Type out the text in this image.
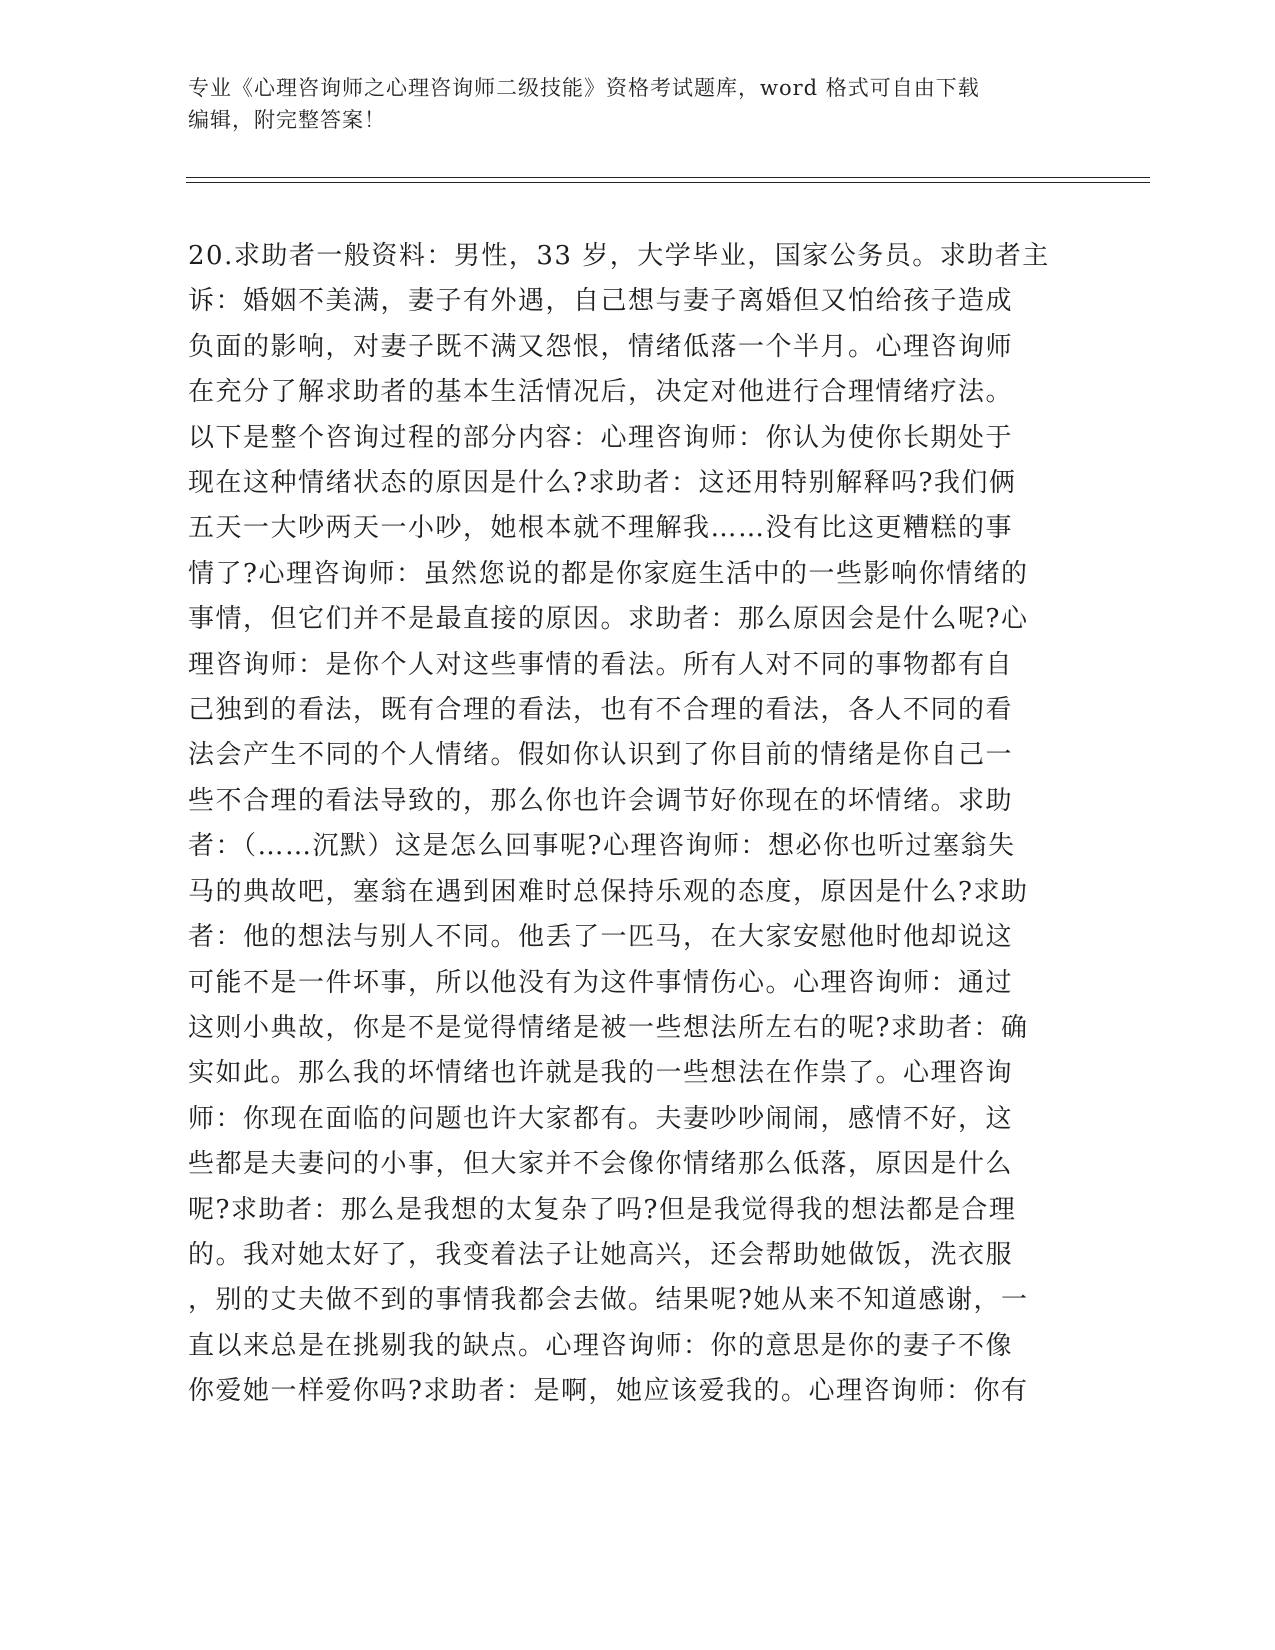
专业《心理咨询师之心理咨询师二级技能》资格考试题库，word 格式可自由下载
编辑，附完整答案！
20.求助者一般资料：男性，33 岁，大学毕业，国家公务员。求助者主
诉：婚姻不美满，妻子有外遇，自己想与妻子离婚但又怕给孩子造成
负面的影响，对妻子既不满又怨恨，情绪低落一个半月。心理咨询师
在充分了解求助者的基本生活情况后，决定对他进行合理情绪疗法。
以下是整个咨询过程的部分内容：心理咨询师：你认为使你长期处于
现在这种情绪状态的原因是什么?求助者：这还用特别解释吗?我们俩
五天一大吵两天一小吵，她根本就不理解我……没有比这更糟糕的事
情了?心理咨询师：虽然您说的都是你家庭生活中的一些影响你情绪的
事情，但它们并不是最直接的原因。求助者：那么原因会是什么呢?心
理咨询师：是你个人对这些事情的看法。所有人对不同的事物都有自
己独到的看法，既有合理的看法，也有不合理的看法，各人不同的看
法会产生不同的个人情绪。假如你认识到了你目前的情绪是你自己一
些不合理的看法导致的，那么你也许会调节好你现在的坏情绪。求助
者：（……沉默）这是怎么回事呢?心理咨询师：想必你也听过塞翁失
马的典故吧，塞翁在遇到困难时总保持乐观的态度，原因是什么?求助
者：他的想法与别人不同。他丢了一匹马，在大家安慰他时他却说这
可能不是一件坏事，所以他没有为这件事情伤心。心理咨询师：通过
这则小典故，你是不是觉得情绪是被一些想法所左右的呢?求助者：确
实如此。那么我的坏情绪也许就是我的一些想法在作祟了。心理咨询
师：你现在面临的问题也许大家都有。夫妻吵吵闹闹，感情不好，这
些都是夫妻问的小事，但大家并不会像你情绪那么低落，原因是什么
呢?求助者：那么是我想的太复杂了吗?但是我觉得我的想法都是合理
的。我对她太好了，我变着法子让她高兴，还会帮助她做饭，洗衣服
，别的丈夫做不到的事情我都会去做。结果呢?她从来不知道感谢，一
直以来总是在挑剔我的缺点。心理咨询师：你的意思是你的妻子不像
你爱她一样爱你吗?求助者：是啊，她应该爱我的。心理咨询师：你有
